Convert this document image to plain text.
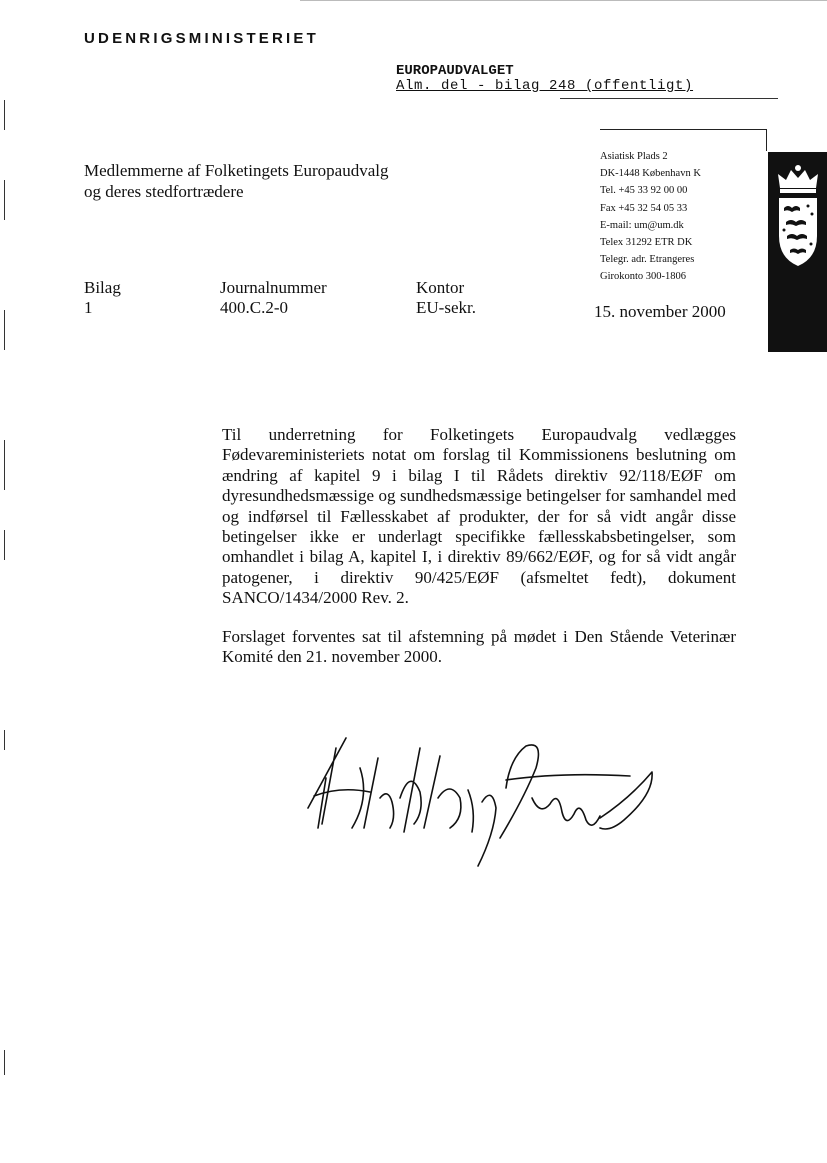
UDENRIGSMINISTERIET
EUROPAUDVALGET
Alm. del - bilag 248 (offentligt)
Asiatisk Plads 2
DK-1448 København K
Tel. +45 33 92 00 00
Fax +45 32 54 05 33
E-mail: um@um.dk
Telex 31292 ETR DK
Telegr. adr. Etrangeres
Girokonto 300-1806
Medlemmerne af Folketingets Europaudvalg
og deres stedfortrædere
Bilag
1
Journalnummer
400.C.2-0
Kontor
EU-sekr.	15. november 2000

Til underretning for Folketingets Europaudvalg vedlægges Fødevareministeriets notat om forslag til Kommissionens beslutning om ændring af kapitel 9 i bilag I til Rådets direktiv 92/118/EØF om dyresundhedsmæssige og sundhedsmæssige betingelser for samhandel med og indførsel til Fællesskabet af produkter, der for så vidt angår disse betingelser ikke er underlagt specifikke fællesskabsbetingelser, som omhandlet i bilag A, kapitel I, i direktiv 89/662/EØF, og for så vidt angår patogener, i direktiv 90/425/EØF (afsmeltet fedt), dokument SANCO/1434/2000 Rev. 2.

Forslaget forventes sat til afstemning på mødet i Den Stående Veterinær Komité den 21. november 2000.
